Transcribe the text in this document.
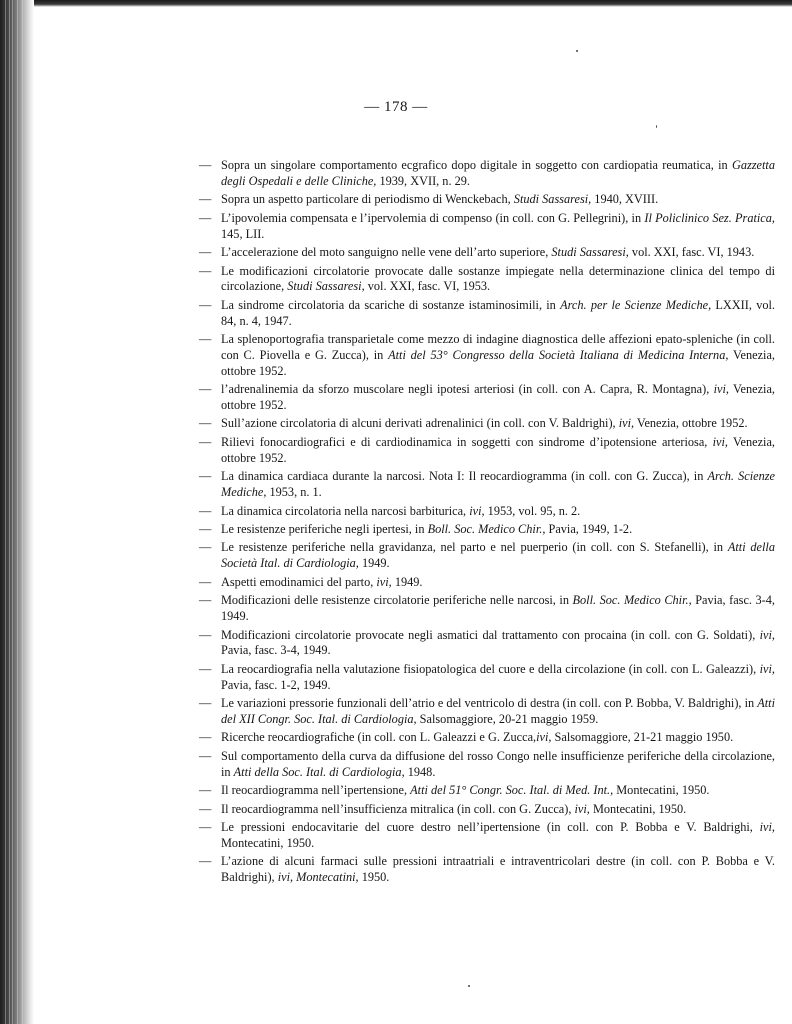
— 178 —
— Sopra un singolare comportamento ecgrafico dopo digitale in soggetto con cardiopatia reumatica, in Gazzetta degli Ospedali e delle Cliniche, 1939, XVII, n. 29.
— Sopra un aspetto particolare di periodismo di Wenckebach, Studi Sassaresi, 1940, XVIII.
— L’ipovolemia compensata e l’ipervolemia di compenso (in coll. con G. Pellegrini), in Il Policlinico Sez. Pratica, 145, LII.
— L’accelerazione del moto sanguigno nelle vene dell’arto superiore, Studi Sassaresi, vol. XXI, fasc. VI, 1943.
— Le modificazioni circolatorie provocate dalle sostanze impiegate nella determinazione clinica del tempo di circolazione, Studi Sassaresi, vol. XXI, fasc. VI, 1953.
— La sindrome circolatoria da scariche di sostanze istaminosimili, in Arch. per le Scienze Mediche, LXXII, vol. 84, n. 4, 1947.
— La splenoportografia transparietale come mezzo di indagine diagnostica delle affezioni epato-spleniche (in coll. con C. Piovella e G. Zucca), in Atti del 53° Congresso della Società Italiana di Medicina Interna, Venezia, ottobre 1952.
— l’adrenalinemia da sforzo muscolare negli ipotesi arteriosi (in coll. con A. Capra, R. Montagna), ivi, Venezia, ottobre 1952.
— Sull’azione circolatoria di alcuni derivati adrenalinici (in coll. con V. Baldrighi), ivi, Venezia, ottobre 1952.
— Rilievi fonocardiografici e di cardiodinamica in soggetti con sindrome d’ipotensione arteriosa, ivi, Venezia, ottobre 1952.
— La dinamica cardiaca durante la narcosi. Nota I: Il reocardiogramma (in coll. con G. Zucca), in Arch. Scienze Mediche, 1953, n. 1.
— La dinamica circolatoria nella narcosi barbiturica, ivi, 1953, vol. 95, n. 2.
— Le resistenze periferiche negli ipertesi, in Boll. Soc. Medico Chir., Pavia, 1949, 1-2.
— Le resistenze periferiche nella gravidanza, nel parto e nel puerperio (in coll. con S. Stefanelli), in Atti della Società Ital. di Cardiologia, 1949.
— Aspetti emodinamici del parto, ivi, 1949.
— Modificazioni delle resistenze circolatorie periferiche nelle narcosi, in Boll. Soc. Medico Chir., Pavia, fasc. 3-4, 1949.
— Modificazioni circolatorie provocate negli asmatici dal trattamento con procaina (in coll. con G. Soldati), ivi, Pavia, fasc. 3-4, 1949.
— La reocardiografia nella valutazione fisiopatologica del cuore e della circolazione (in coll. con L. Galeazzi), ivi, Pavia, fasc. 1-2, 1949.
— Le variazioni pressorie funzionali dell’atrio e del ventricolo di destra (in coll. con P. Bobba, V. Baldrighi), in Atti del XII Congr. Soc. Ital. di Cardiologia, Salsomaggiore, 20-21 maggio 1959.
— Ricerche reocardiografiche (in coll. con L. Galeazzi e G. Zucca,ivi, Salsomaggiore, 21-21 maggio 1950.
— Sul comportamento della curva da diffusione del rosso Congo nelle insufficienze periferiche della circolazione, in Atti della Soc. Ital. di Cardiologia, 1948.
— Il reocardiogramma nell’ipertensione, Atti del 51° Congr. Soc. Ital. di Med. Int., Montecatini, 1950.
— Il reocardiogramma nell’insufficienza mitralica (in coll. con G. Zucca), ivi, Montecatini, 1950.
— Le pressioni endocavitarie del cuore destro nell’ipertensione (in coll. con P. Bobba e V. Baldrighi, ivi, Montecatini, 1950.
— L’azione di alcuni farmaci sulle pressioni intraatriali e intraventricolari destre (in coll. con P. Bobba e V. Baldrighi), ivi, Montecatini, 1950.
